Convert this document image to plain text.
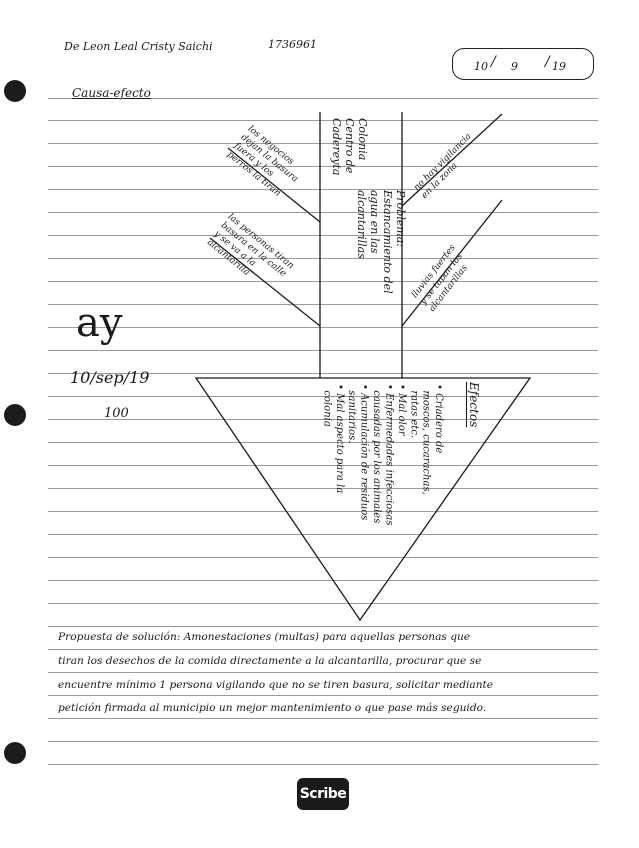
De Leon Leal Cristy Saichi	1736961
10 / 9 / 19
Causa-efecto
los negocios
dejan la basura
fuera y los
perros la tiran
las personas tiran
basura en la calle
y se va a la
alcantarilla
no hay vigilancia
en la zona
lluvias fuertes
y se tapan las
alcantarillas
Colonia
Centro de
Cadereyta
Problema:
Estancamiento del
agua en las
alcantarillas
Efectos
• Criadero de
moscos, cucarachas,
ratas etc.
• Mal olor
• Enfermedades infecciosas
causadas por los animales
• Acumulación de residuos
sanitarios.
• Mal aspecto para la
colonia
ay
10/sep/19
100
Propuesta de solución: Amonestaciones (multas) para aquellas personas que
tiran los desechos de la comida directamente a la alcantarilla, procurar que se
encuentre mínimo 1 persona vigilando que no se tiren basura, solicitar mediante
petición firmada al municipio un mejor mantenimiento o que pase más seguido.
Scribe
